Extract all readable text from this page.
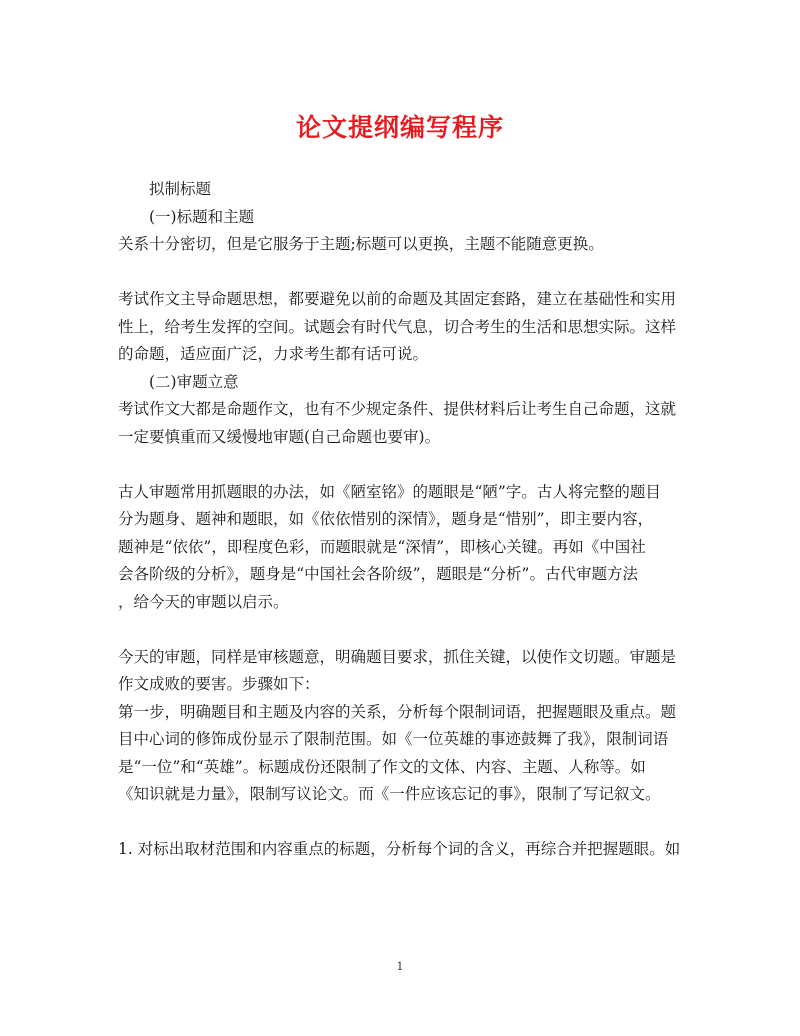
论文提纲编写程序
拟制标题
(一)标题和主题
关系十分密切，但是它服务于主题;标题可以更换，主题不能随意更换。
考试作文主导命题思想，都要避免以前的命题及其固定套路，建立在基础性和实用
性上，给考生发挥的空间。试题会有时代气息，切合考生的生活和思想实际。这样
的命题，适应面广泛，力求考生都有话可说。
(二)审题立意
考试作文大都是命题作文，也有不少规定条件、提供材料后让考生自己命题，这就
一定要慎重而又缓慢地审题(自己命题也要审)。
古人审题常用抓题眼的办法，如《陋室铭》的题眼是“陋”字。古人将完整的题目
分为题身、题神和题眼，如《依依惜别的深情》，题身是“惜别”，即主要内容，
题神是“依依”，即程度色彩，而题眼就是“深情”，即核心关键。再如《中国社
会各阶级的分析》，题身是“中国社会各阶级”，题眼是“分析”。古代审题方法
，给今天的审题以启示。
今天的审题，同样是审核题意，明确题目要求，抓住关键，以使作文切题。审题是
作文成败的要害。步骤如下：
第一步，明确题目和主题及内容的关系，分析每个限制词语，把握题眼及重点。题
目中心词的修饰成份显示了限制范围。如《一位英雄的事迹鼓舞了我》，限制词语
是“一位”和“英雄”。标题成份还限制了作文的文体、内容、主题、人称等。如
《知识就是力量》，限制写议论文。而《一件应该忘记的事》，限制了写记叙文。
1. 对标出取材范围和内容重点的标题，分析每个词的含义，再综合并把握题眼。如
1
